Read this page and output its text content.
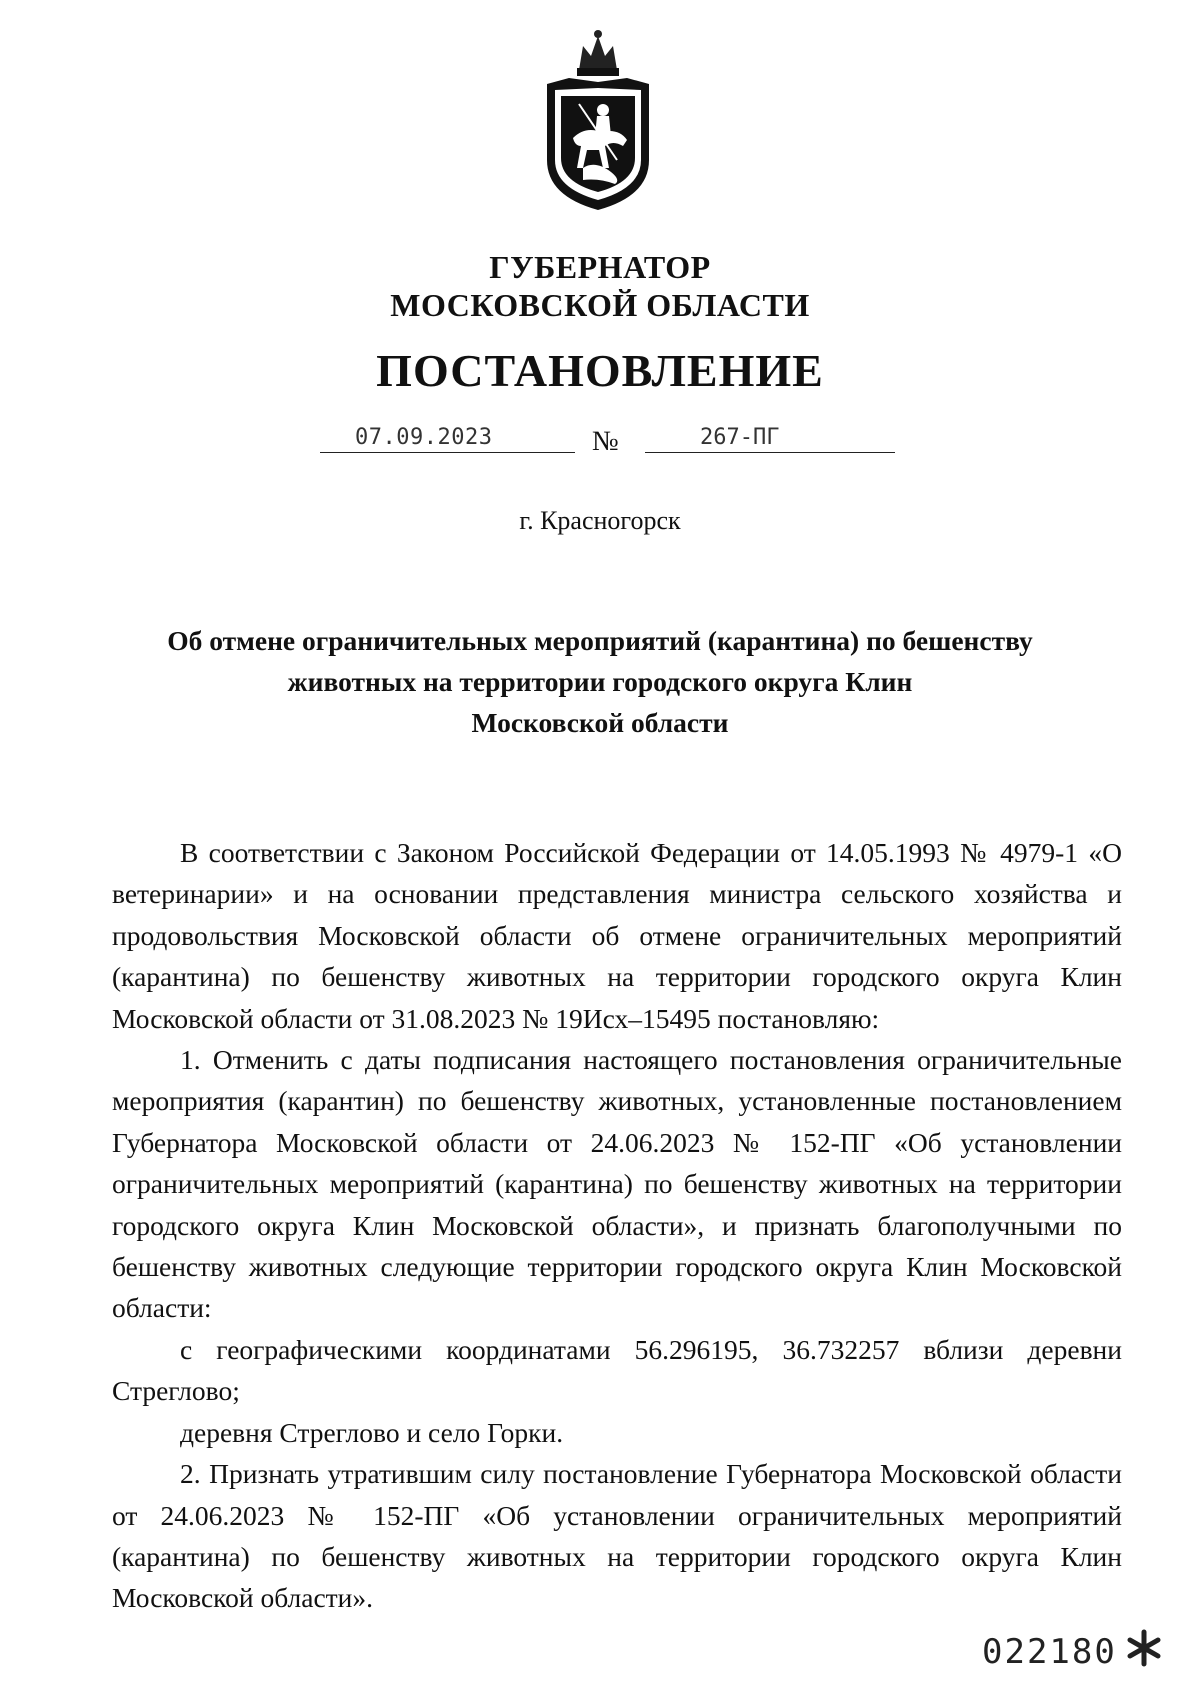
ГУБЕРНАТОР
МОСКОВСКОЙ ОБЛАСТИ
ПОСТАНОВЛЕНИЕ
07.09.2023	№	267-ПГ
г. Красногорск
Об отмене ограничительных мероприятий (карантина) по бешенству
животных на территории городского округа Клин
Московской области

В соответствии с Законом Российской Федерации от 14.05.1993 № 4979-1 «О ветеринарии» и на основании представления министра сельского хозяйства и продовольствия Московской области об отмене ограничительных мероприятий (карантина) по бешенству животных на территории городского округа Клин Московской области от 31.08.2023 № 19Исх–15495 постановляю:

1. Отменить с даты подписания настоящего постановления ограничительные мероприятия (карантин) по бешенству животных, установленные постановлением Губернатора Московской области от 24.06.2023 № 152-ПГ «Об установлении ограничительных мероприятий (карантина) по бешенству животных на территории городского округа Клин Московской области», и признать благополучными по бешенству животных следующие территории городского округа Клин Московской области:

с географическими координатами 56.296195, 36.732257 вблизи деревни Стреглово;

деревня Стреглово и село Горки.

2. Признать утратившим силу постановление Губернатора Московской области от 24.06.2023 № 152-ПГ «Об установлении ограничительных мероприятий (карантина) по бешенству животных на территории городского округа Клин Московской области».

022180
